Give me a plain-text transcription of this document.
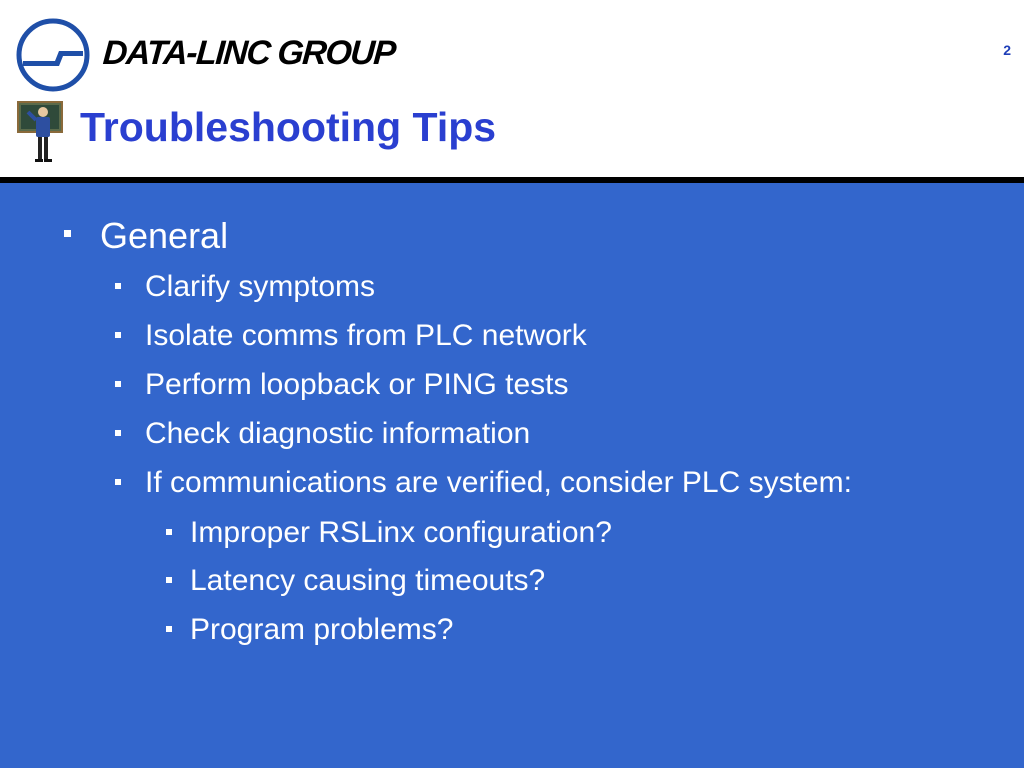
DATA-LINC GROUP	2
Troubleshooting Tips
General
Clarify symptoms
Isolate comms from PLC network
Perform loopback or PING tests
Check diagnostic information
If communications are verified, consider PLC system:
Improper RSLinx configuration?
Latency causing timeouts?
Program problems?
